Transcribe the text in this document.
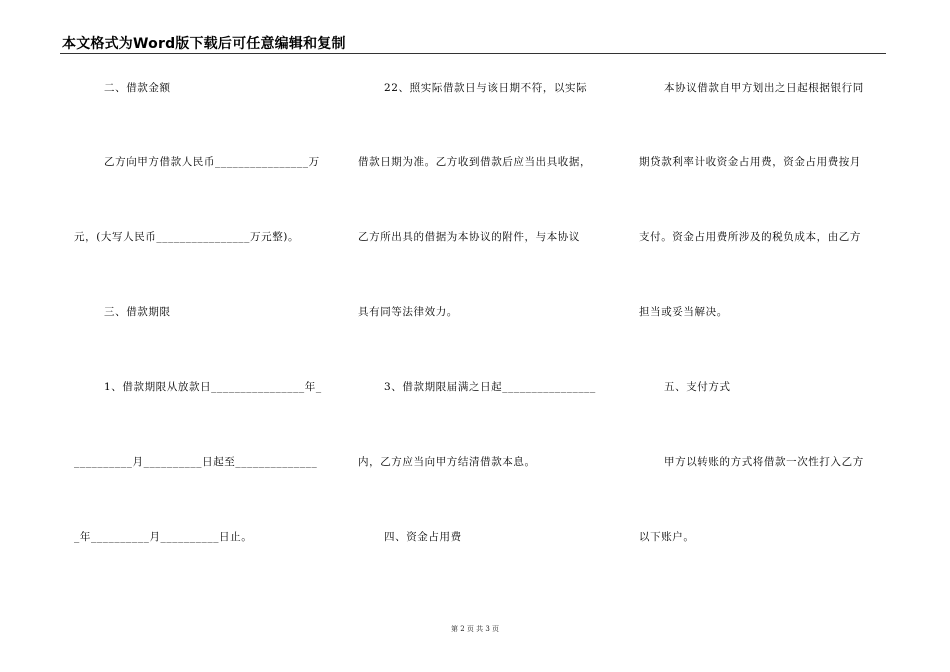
本文格式为Word版下载后可任意编辑和复制
二、借款金额
乙方向甲方借款人民币________________万
元，(大写人民币________________万元整)。
三、借款期限
1、借款期限从放款日________________年_
__________月__________日起至______________
_年__________月__________日止。
22、照实际借款日与该日期不符，以实际
借款日期为准。乙方收到借款后应当出具收据，
乙方所出具的借据为本协议的附件，与本协议
具有同等法律效力。
3、借款期限届满之日起________________
内，乙方应当向甲方结清借款本息。
四、资金占用费
本协议借款自甲方划出之日起根据银行同
期贷款利率计收资金占用费，资金占用费按月
支付。资金占用费所涉及的税负成本，由乙方
担当或妥当解决。
五、支付方式
甲方以转账的方式将借款一次性打入乙方
以下账户。
第 2 页 共 3 页
